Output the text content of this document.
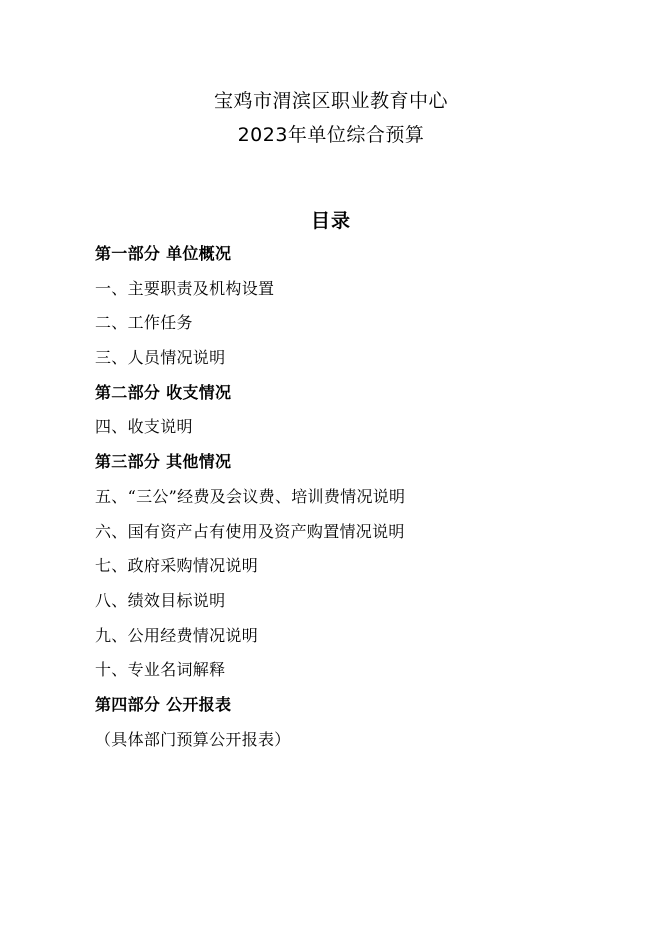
宝鸡市渭滨区职业教育中心
2023年单位综合预算
目录
第一部分 单位概况
一、主要职责及机构设置
二、工作任务
三、人员情况说明
第二部分 收支情况
四、收支说明
第三部分 其他情况
五、“三公”经费及会议费、培训费情况说明
六、国有资产占有使用及资产购置情况说明
七、政府采购情况说明
八、绩效目标说明
九、公用经费情况说明
十、专业名词解释
第四部分 公开报表
（具体部门预算公开报表）
